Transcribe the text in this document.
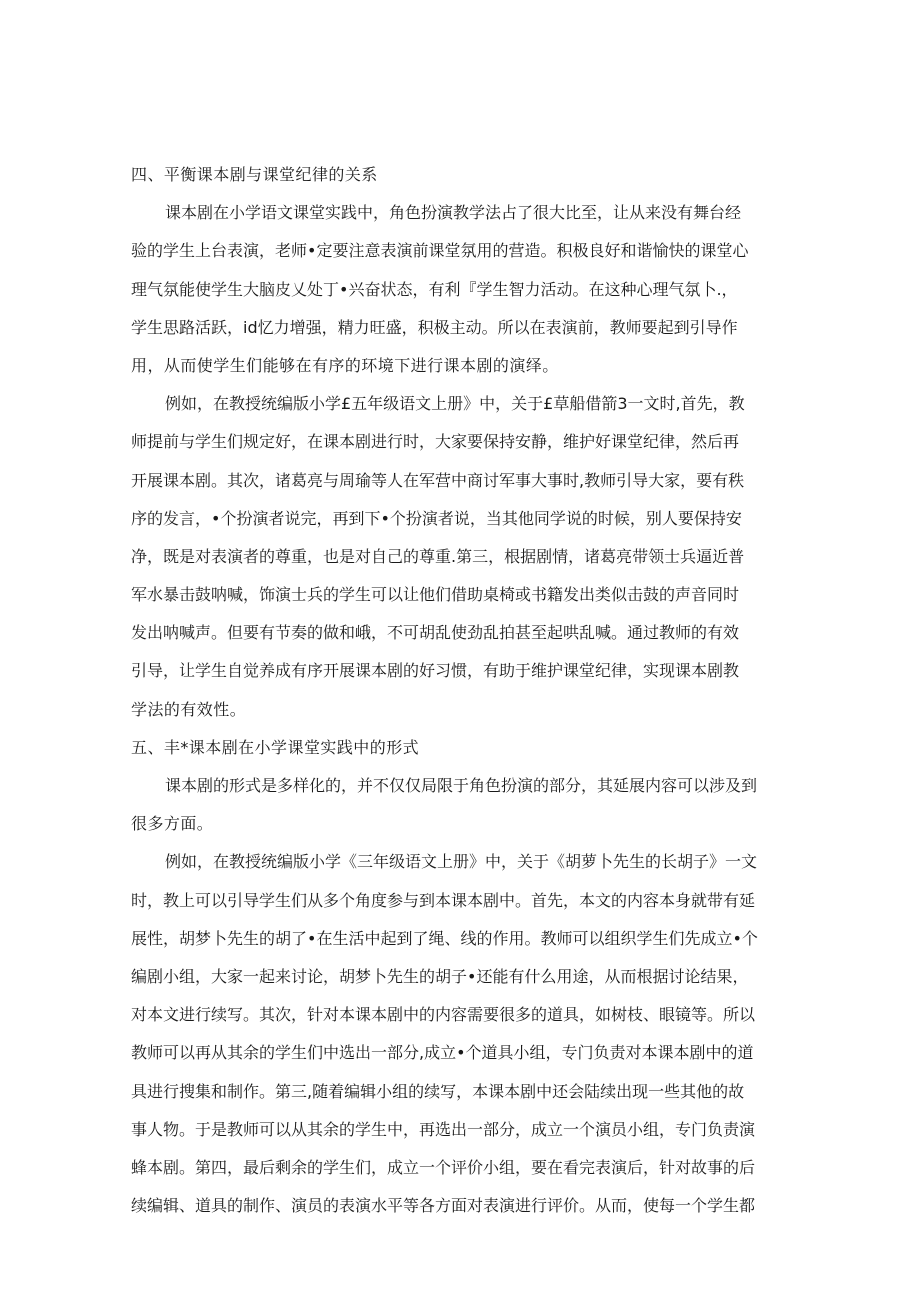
四、平衡课本剧与课堂纪律的关系
课本剧在小学语文课堂实践中，角色扮演教学法占了很大比至，让从来没有舞台经
验的学生上台表演，老师•定要注意表演前课堂氛用的营造。积极良好和谐愉快的课堂心
理气氛能使学生大脑皮乂处丁•兴奋状态，有利『学生智力活动。在这种心理气氛卜.，
学生思路活跃，id忆力增强，精力旺盛，积极主动。所以在表演前，教师要起到引导作
用，从而使学生们能够在有序的环境下进行课本剧的演绎。
例如，在教授统编版小学£五年级语文上册》中，关于£草船借箭3一文时,首先，教
师提前与学生们规定好，在课本剧进行时，大家要保持安静，维护好课堂纪律，然后再
开展课本剧。其次，诸葛亮与周瑜等人在军营中商讨军事大事时,教师引导大家，要有秩
序的发言，•个扮演者说完，再到下•个扮演者说，当其他同学说的时候，别人要保持安
净，既是对表演者的尊重，也是对自己的尊重.第三，根据剧情，诸葛亮带领士兵逼近普
军水暴击鼓呐喊，饰演士兵的学生可以让他们借助桌椅或书籍发出类似击鼓的声音同时
发出呐喊声。但要有节奏的做和峨，不可胡乱使劲乱拍甚至起哄乱喊。通过教师的有效
引导，让学生自觉养成有序开展课本剧的好习惯，有助于维护课堂纪律，实现课本剧教
学法的有效性。
五、丰*课本剧在小学课堂实践中的形式
课本剧的形式是多样化的，并不仅仅局限于角色扮演的部分，其延展内容可以涉及到
很多方面。
例如，在教授统编版小学《三年级语文上册》中，关于《胡萝卜先生的长胡子》一文
时，教上可以引导学生们从多个角度参与到本课本剧中。首先，本文的内容本身就带有延
展性，胡梦卜先生的胡了•在生活中起到了绳、线的作用。教师可以组织学生们先成立•个
编剧小组，大家一起来讨论，胡梦卜先生的胡子•还能有什么用途，从而根据讨论结果，
对本文进行续写。其次，针对本课本剧中的内容需要很多的道具，如树枝、眼镜等。所以
教师可以再从其余的学生们中选出一部分,成立•个道具小组，专门负责对本课本剧中的道
具进行搜集和制作。第三,随着编辑小组的续写，本课本剧中还会陆续出现一些其他的故
事人物。于是教师可以从其余的学生中，再选出一部分，成立一个演员小组，专门负责演
蜂本剧。第四，最后剩余的学生们，成立一个评价小组，要在看完表演后，针对故事的后
续编辑、道具的制作、演员的表演水平等各方面对表演进行评价。从而，使每一个学生都
